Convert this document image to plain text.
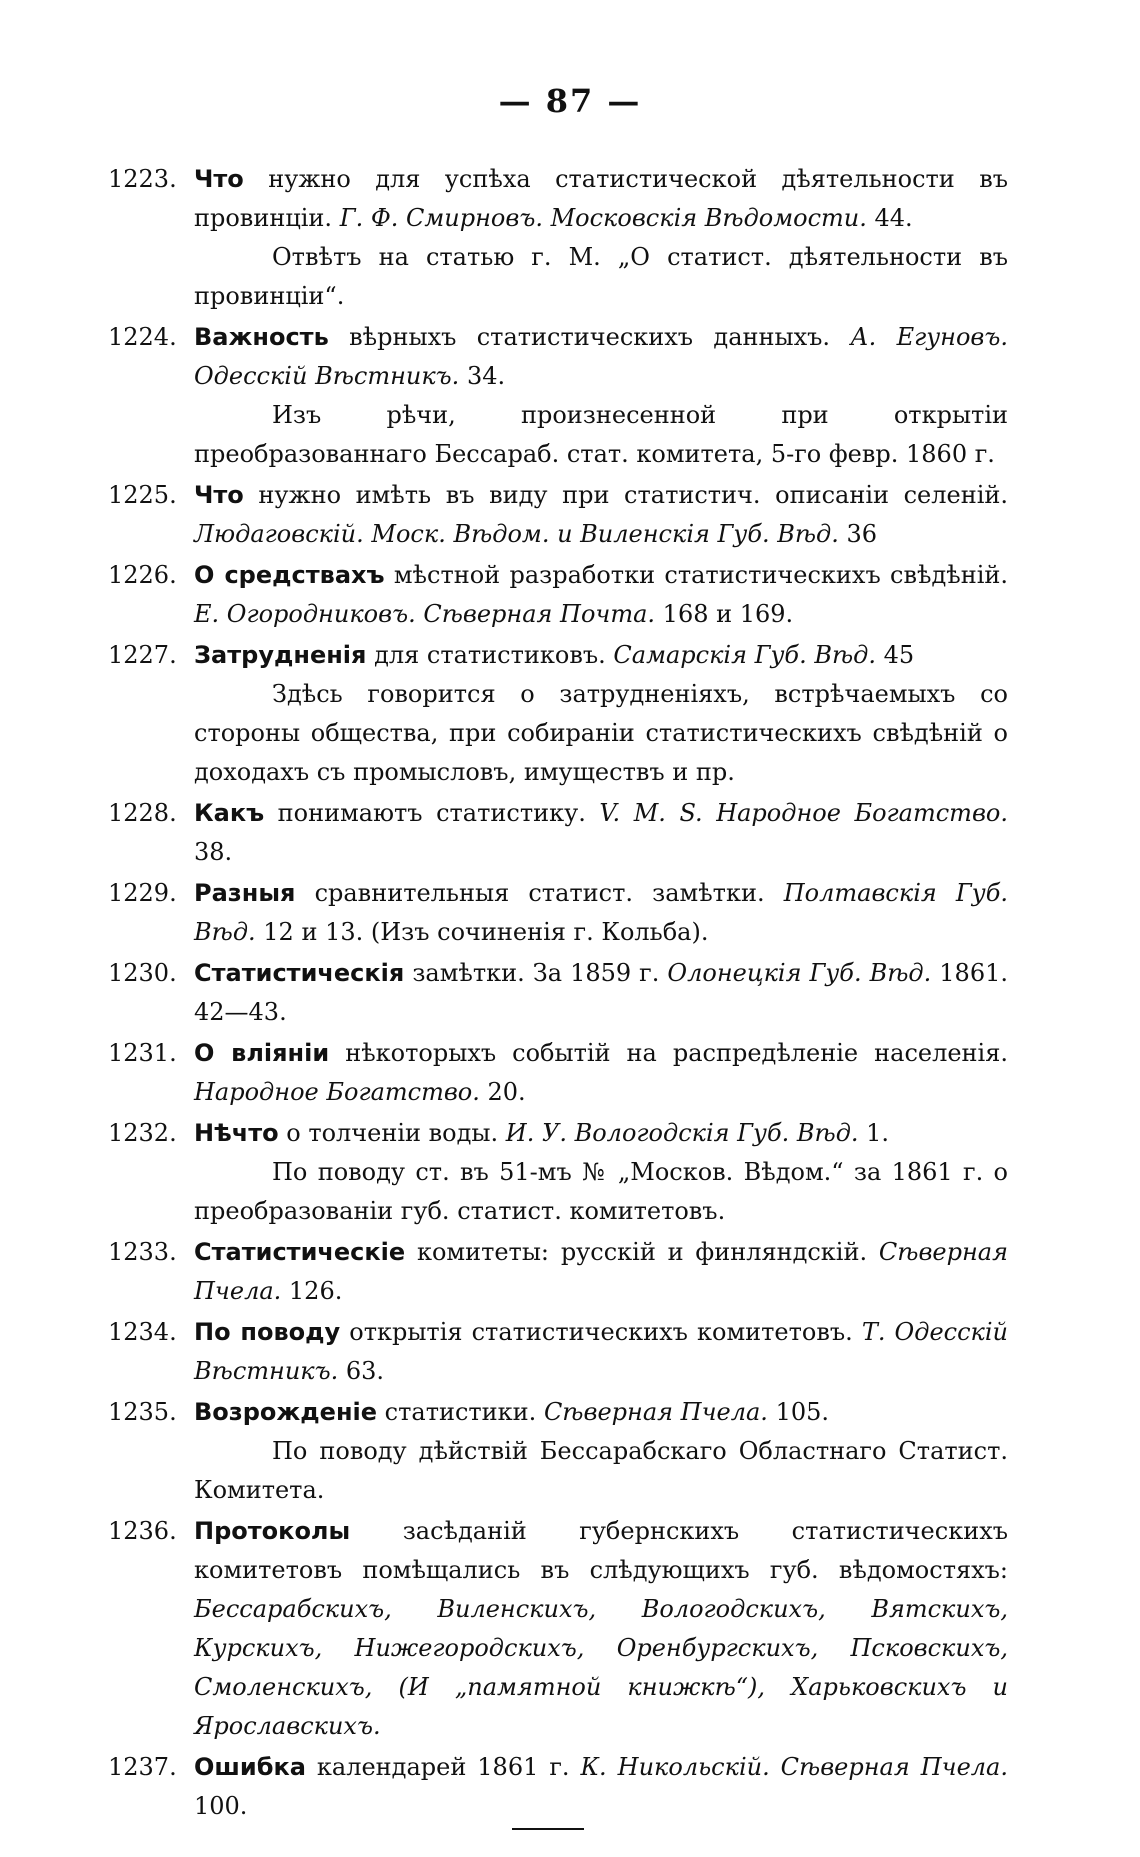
— 87 —
1223. Что нужно для успѣха статистической дѣятельности въ провинціи. Г. Ф. Смирновъ. Московскія Вѣдомости. 44.
Отвѣтъ на статью г. М. „О статист. дѣятельности въ провинціи“.
1224. Важность вѣрныхъ статистическихъ данныхъ. А. Егуновъ. Одесскій Вѣстникъ. 34.
Изъ рѣчи, произнесенной при открытіи преобразованнаго Бессараб. стат. комитета, 5-го февр. 1860 г.
1225. Что нужно имѣть въ виду при статистич. описаніи селеній. Людаговскій. Моск. Вѣдом. и Виленскія Губ. Вѣд. 36
1226. О средствахъ мѣстной разработки статистическихъ свѣдѣній. Е. Огородниковъ. Сѣверная Почта. 168 и 169.
1227. Затрудненія для статистиковъ. Самарскія Губ. Вѣд. 45
Здѣсь говорится о затрудненіяхъ, встрѣчаемыхъ со стороны общества, при собираніи статистическихъ свѣдѣній о доходахъ съ промысловъ, имуществъ и пр.
1228. Какъ понимаютъ статистику. V. M. S. Народное Богатство. 38.
1229. Разныя сравнительныя статист. замѣтки. Полтавскія Губ. Вѣд. 12 и 13. (Изъ сочиненія г. Кольба).
1230. Статистическія замѣтки. За 1859 г. Олонецкія Губ. Вѣд. 1861. 42—43.
1231. О вліяніи нѣкоторыхъ событій на распредѣленіе населенія. Народное Богатство. 20.
1232. Нѣчто о толченіи воды. И. У. Вологодскія Губ. Вѣд. 1.
По поводу ст. въ 51-мъ № „Москов. Вѣдом.“ за 1861 г. о преобразованіи губ. статист. комитетовъ.
1233. Статистическіе комитеты: русскій и финляндскій. Сѣверная Пчела. 126.
1234. По поводу открытія статистическихъ комитетовъ. Т. Одесскій Вѣстникъ. 63.
1235. Возрожденіе статистики. Сѣверная Пчела. 105.
По поводу дѣйствій Бессарабскаго Областнаго Статист. Комитета.
1236. Протоколы засѣданій губернскихъ статистическихъ комитетовъ помѣщались въ слѣдующихъ губ. вѣдомостяхъ: Бессарабскихъ, Виленскихъ, Вологодскихъ, Вятскихъ, Курскихъ, Нижегородскихъ, Оренбургскихъ, Псковскихъ, Смоленскихъ, (И „памятной книжкѣ“), Харьковскихъ и Ярославскихъ.
1237. Ошибка календарей 1861 г. К. Никольскій. Сѣверная Пчела. 100.
